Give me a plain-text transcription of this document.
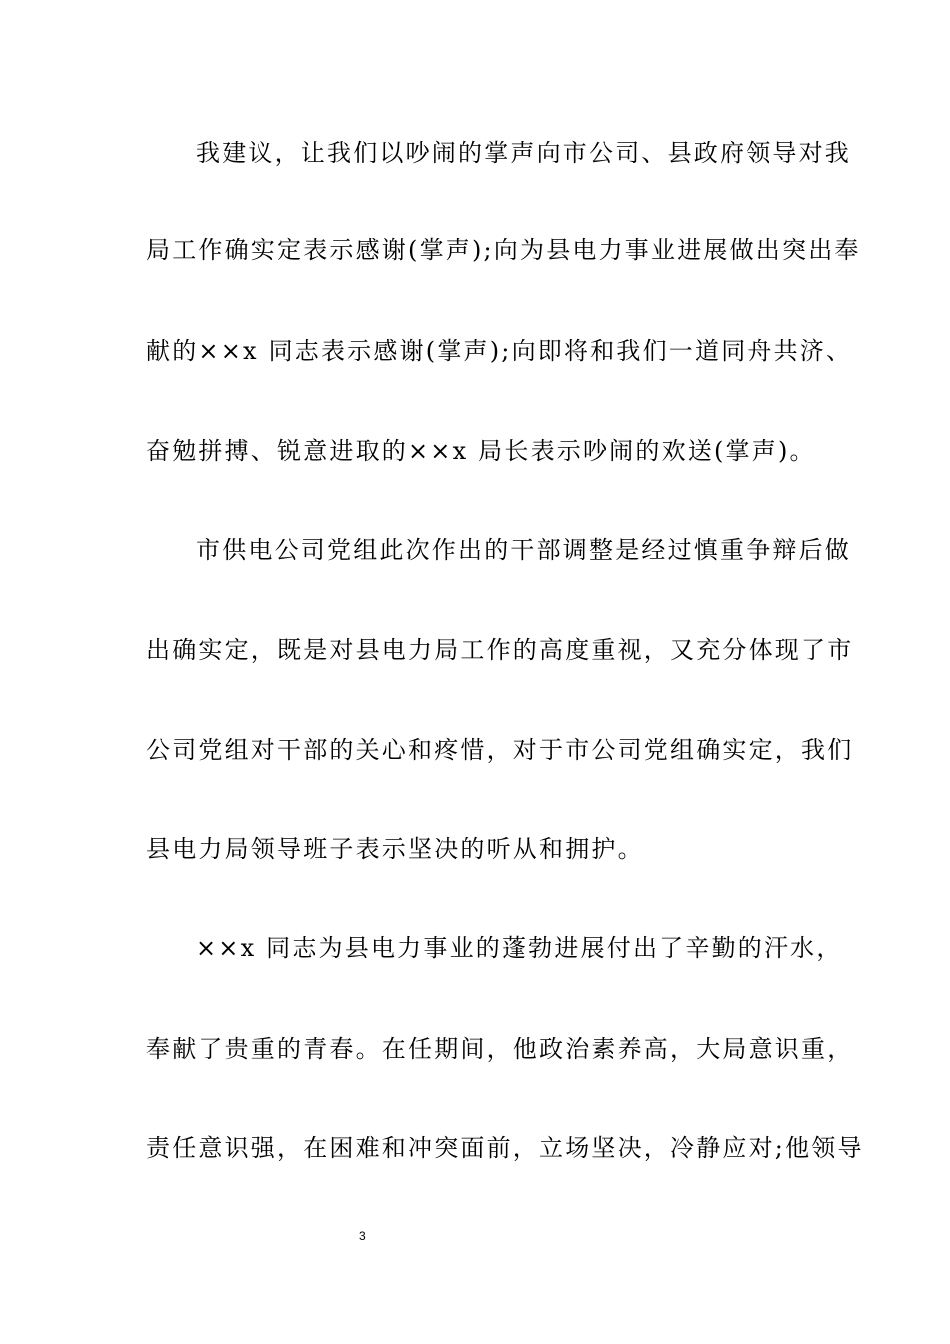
我建议，让我们以吵闹的掌声向市公司、县政府领导对我
局工作确实定表示感谢(掌声);向为县电力事业进展做出突出奉
献的××x 同志表示感谢(掌声);向即将和我们一道同舟共济、
奋勉拼搏、锐意进取的××x 局长表示吵闹的欢送(掌声)。
市供电公司党组此次作出的干部调整是经过慎重争辩后做
出确实定，既是对县电力局工作的高度重视，又充分体现了市
公司党组对干部的关心和疼惜，对于市公司党组确实定，我们
县电力局领导班子表示坚决的听从和拥护。
××x 同志为县电力事业的蓬勃进展付出了辛勤的汗水，
奉献了贵重的青春。在任期间，他政治素养高，大局意识重，
责任意识强，在困难和冲突面前，立场坚决，冷静应对;他领导
3
